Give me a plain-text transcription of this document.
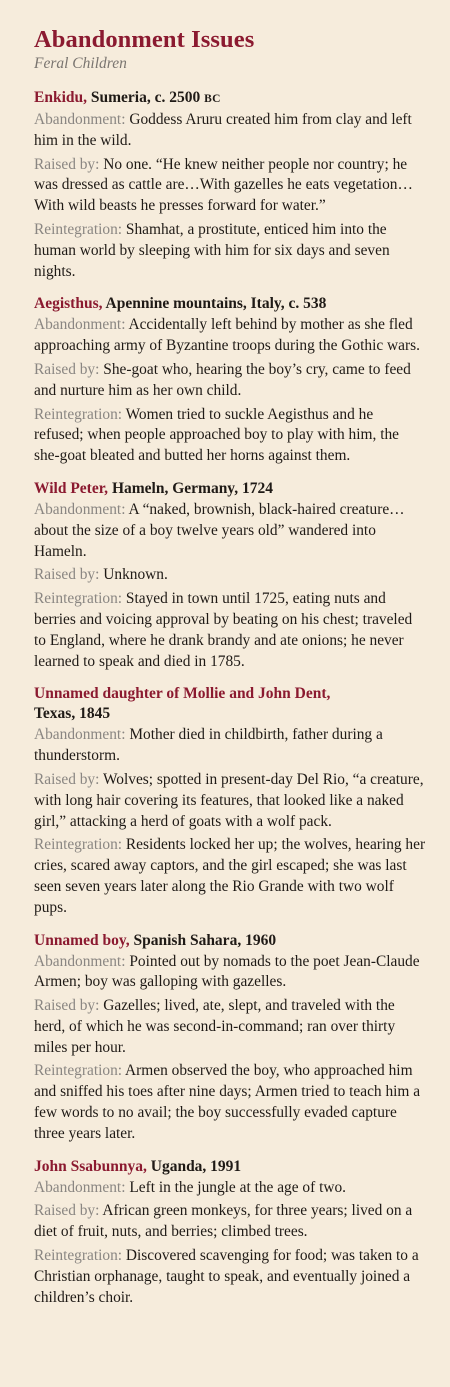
Abandonment Issues
Feral Children
Enkidu, Sumeria, c. 2500 BC

Abandonment: Goddess Aruru created him from clay and left him in the wild.

Raised by: No one. “He knew neither people nor country; he was dressed as cattle are…With gazelles he eats vegetation…With wild beasts he presses forward for water.”

Reintegration: Shamhat, a prostitute, enticed him into the human world by sleeping with him for six days and seven nights.

Aegisthus, Apennine mountains, Italy, c. 538

Abandonment: Accidentally left behind by mother as she fled approaching army of Byzantine troops during the Gothic wars.

Raised by: She-goat who, hearing the boy’s cry, came to feed and nurture him as her own child.

Reintegration: Women tried to suckle Aegisthus and he refused; when people approached boy to play with him, the she-goat bleated and butted her horns against them.

Wild Peter, Hameln, Germany, 1724

Abandonment: A “naked, brownish, black-haired creature…about the size of a boy twelve years old” wandered into Hameln.

Raised by: Unknown.

Reintegration: Stayed in town until 1725, eating nuts and berries and voicing approval by beating on his chest; traveled to England, where he drank brandy and ate onions; he never learned to speak and died in 1785.

Unnamed daughter of Mollie and John Dent,
Texas, 1845

Abandonment: Mother died in childbirth, father during a thunderstorm.

Raised by: Wolves; spotted in present-day Del Rio, “a creature, with long hair covering its features, that looked like a naked girl,” attacking a herd of goats with a wolf pack.

Reintegration: Residents locked her up; the wolves, hearing her cries, scared away captors, and the girl escaped; she was last seen seven years later along the Rio Grande with two wolf pups.

Unnamed boy, Spanish Sahara, 1960

Abandonment: Pointed out by nomads to the poet Jean-Claude Armen; boy was galloping with gazelles.

Raised by: Gazelles; lived, ate, slept, and traveled with the herd, of which he was second-in-command; ran over thirty miles per hour.

Reintegration: Armen observed the boy, who approached him and sniffed his toes after nine days; Armen tried to teach him a few words to no avail; the boy successfully evaded capture three years later.

John Ssabunnya, Uganda, 1991

Abandonment: Left in the jungle at the age of two.

Raised by: African green monkeys, for three years; lived on a diet of fruit, nuts, and berries; climbed trees.

Reintegration: Discovered scavenging for food; was taken to a Christian orphanage, taught to speak, and eventually joined a children’s choir.
